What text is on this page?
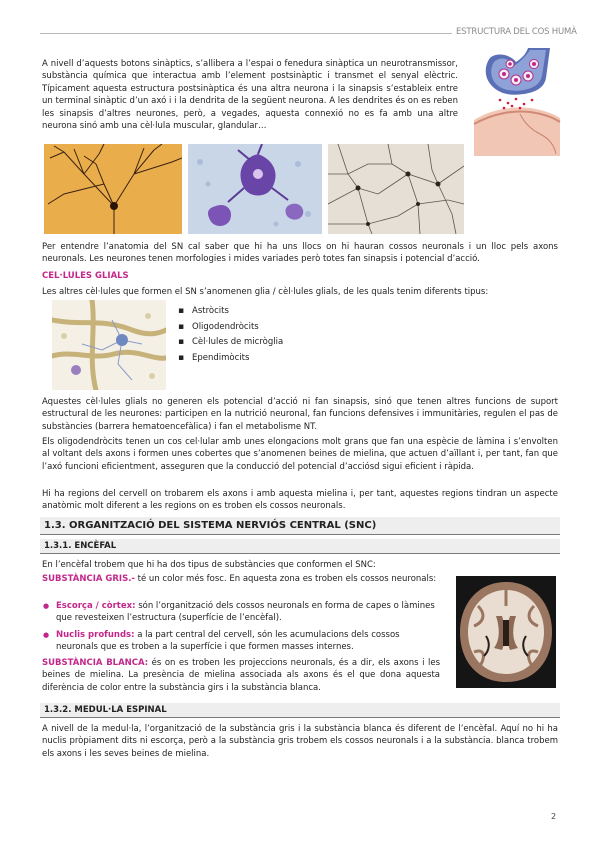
ESTRUCTURA DEL COS HUMÀ

A nivell d’aquests botons sinàptics, s’allibera a l’espai o fenedura sinàptica un neurotransmissor, substància química que interactua amb l’element postsinàptic i transmet el senyal elèctric. Típicament aquesta estructura postsinàptica és una altra neurona i la sinapsis s’estableix entre un terminal sinàptic d’un axó i i la dendrita de la següent neurona. A les dendrites és on es reben les sinapsis d’altres neurones, però, a vegades, aquesta connexió no es fa amb una altre neurona sinó amb una cèl·lula muscular, glandular…

Per entendre l’anatomia del SN cal saber que hi ha uns llocs on hi hauran cossos neuronals i un lloc pels axons neuronals. Les neurones tenen morfologies i mides variades però totes fan sinapsis i potencial d’acció.

CEL·LULES GLIALS

Les altres cèl·lules que formen el SN s’anomenen glia / cèl·lules glials, de les quals tenim diferents tipus:

▪ Astròcits
▪ Oligodendròcits
▪ Cèl·lules de micròglia
▪ Ependimòcits

Aquestes cèl·lules glials no generen els potencial d’acció ni fan sinapsis, sinó que tenen altres funcions de suport estructural de les neurones: participen en la nutrició neuronal, fan funcions defensives i immunitàries, regulen el pas de substàncies (barrera hematoencefàlica) i fan el metabolisme NT.

Els oligodendròcits tenen un cos cel·lular amb unes elongacions molt grans que fan una espècie de làmina i s’envolten al voltant dels axons i formen unes cobertes que s’anomenen beines de mielina, que actuen d’aïllant i, per tant, fan que l’axó funcioni eficientment, asseguren que la conducció del potencial d’acciósd sigui eficient i ràpida.

Hi ha regions del cervell on trobarem els axons i amb aquesta mielina i, per tant, aquestes regions tindran un aspecte anatòmic molt diferent a les regions on es troben els cossos neuronals.

1.3. ORGANITZACIÓ DEL SISTEMA NERVIÓS CENTRAL (SNC)
1.3.1. ENCÈFAL

En l’encèfal trobem que hi ha dos tipus de substàncies que conformen el SNC:

SUBSTÀNCIA GRIS.- té un color més fosc. En aquesta zona es troben els cossos neuronals:

● Escorça / còrtex: són l’organització dels cossos neuronals en forma de capes o làmines que revesteixen l’estructura (superfície de l’encèfal).
● Nuclis profunds: a la part central del cervell, són les acumulacions dels cossos neuronals que es troben a la superfície i que formen masses internes.

SUBSTÀNCIA BLANCA: és on es troben les projeccions neuronals, és a dir, els axons i les beines de mielina. La presència de mielina associada als axons és el que dona aquesta diferència de color entre la substància girs i la substància blanca.

1.3.2. MEDUL·LA ESPINAL

A nivell de la medul·la, l’organització de la substància gris i la substància blanca és diferent de l’encèfal. Aquí no hi ha nuclis pròpiament dits ni escorça, però a la substància gris trobem els cossos neuronals i a la substància. blanca trobem els axons i les seves beines de mielina.

2
